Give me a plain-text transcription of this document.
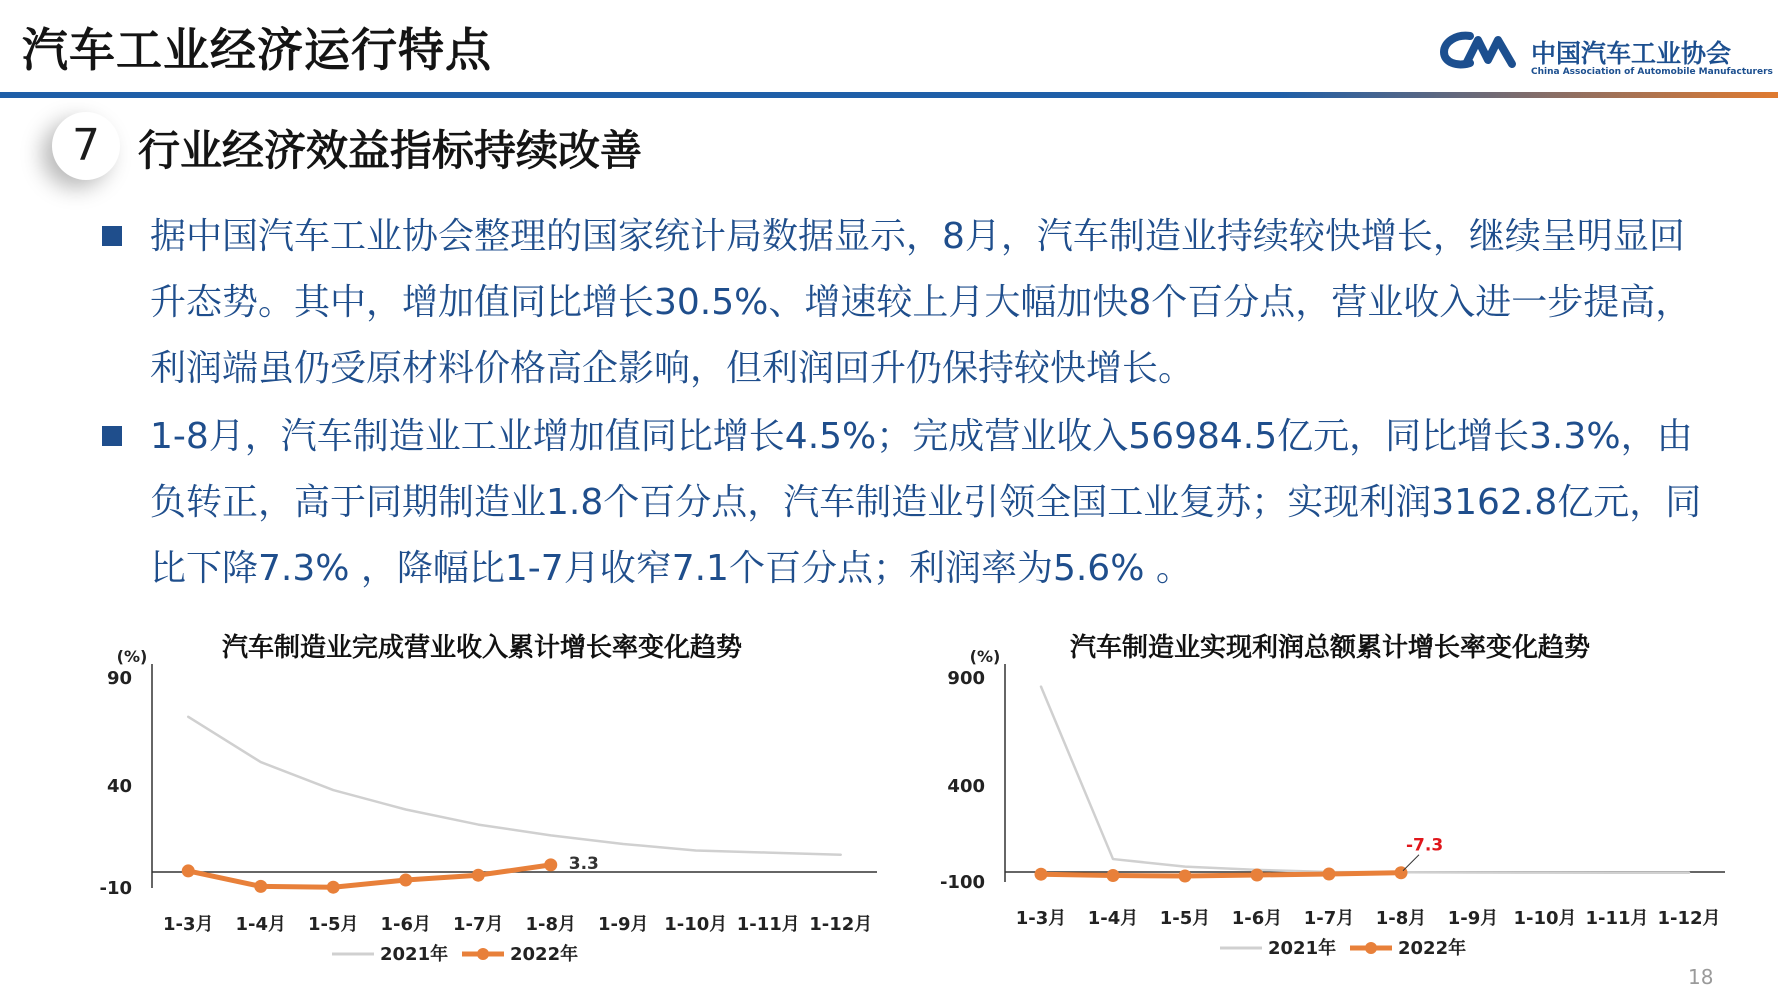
汽车工业经济运行特点	中国汽车工业协会
China Association of Automobile Manufacturers
7 行业经济效益指标持续改善
据中国汽车工业协会整理的国家统计局数据显示，8月，汽车制造业持续较快增长，继续呈明显回升态势。其中，增加值同比增长30.5%、增速较上月大幅加快8个百分点，营业收入进一步提高，利润端虽仍受原材料价格高企影响，但利润回升仍保持较快增长。
1-8月，汽车制造业工业增加值同比增长4.5%；完成营业收入56984.5亿元，同比增长3.3%，由负转正，高于同期制造业1.8个百分点，汽车制造业引领全国工业复苏；实现利润3162.8亿元，同比下降7.3% ，降幅比1-7月收窄7.1个百分点；利润率为5.6% 。
汽车制造业完成营业收入累计增长率变化趋势
(%)
90
40
-10
1-3月 1-4月 1-5月 1-6月 1-7月 1-8月 1-9月 1-10月 1-11月 1-12月
3.3
2021年	2022年
汽车制造业实现利润总额累计增长率变化趋势
(%)
900
400
-100
1-3月 1-4月 1-5月 1-6月 1-7月 1-8月 1-9月 1-10月 1-11月 1-12月
-7.3
2021年	2022年
18
